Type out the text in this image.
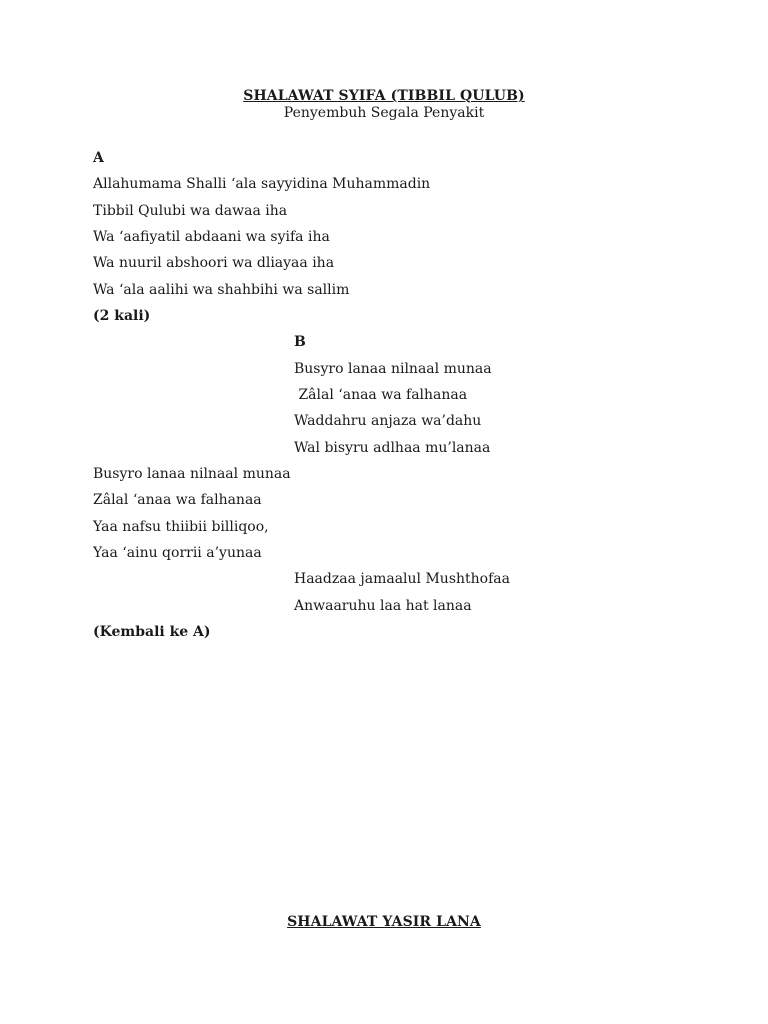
SHALAWAT SYIFA (TIBBIL QULUB)
Penyembuh Segala Penyakit
A
Allahumama Shalli ‘ala sayyidina Muhammadin
Tibbil Qulubi wa dawaa iha
Wa ‘aafiyatil abdaani wa syifa iha
Wa nuuril abshoori wa dliayaa iha
Wa ‘ala aalihi wa shahbihi wa sallim
(2 kali)
B
Busyro lanaa nilnaal munaa
Zâlal ‘anaa wa falhanaa
Waddahru anjaza wa’dahu
Wal bisyru adlhaa mu’lanaa
Busyro lanaa nilnaal munaa
Zâlal ‘anaa wa falhanaa
Yaa nafsu thiibii billiqoo,
Yaa ‘ainu qorrii a’yunaa
Haadzaa jamaalul Mushthofaa
Anwaaruhu laa hat lanaa
(Kembali ke A)
SHALAWAT YASIR LANA
